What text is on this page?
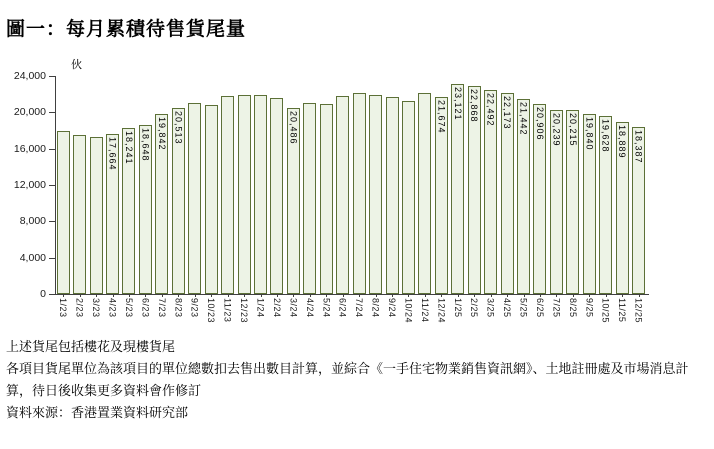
圖一：每月累積待售貨尾量
伙
0
4,000
8,000
12,000
16,000
20,000
24,000
1/23 2/23 3/23
17,664
4/23
18,241
5/23
18,648
6/23
19,842
7/23
20,513
8/23 9/23 10/23 11/23 12/23 1/24 2/24
20,486
3/24 4/24 5/24 6/24 7/24 8/24 9/24 10/24 11/24
21,674
12/24
23,121
1/25
22,868
2/25
22,492
3/25
22,173
4/25
21,442
5/25
20,906
6/25
20,239
7/25
20,215
8/25
19,840
9/25
19,628
10/25
18,889
11/25
18,387
12/25
上述貨尾包括樓花及現樓貨尾
各項目貨尾單位為該項目的單位總數扣去售出數目計算，並綜合《一手住宅物業銷售資訊網》、土地註冊處及市場消息計
算，待日後收集更多資料會作修訂
資料來源：香港置業資料研究部
